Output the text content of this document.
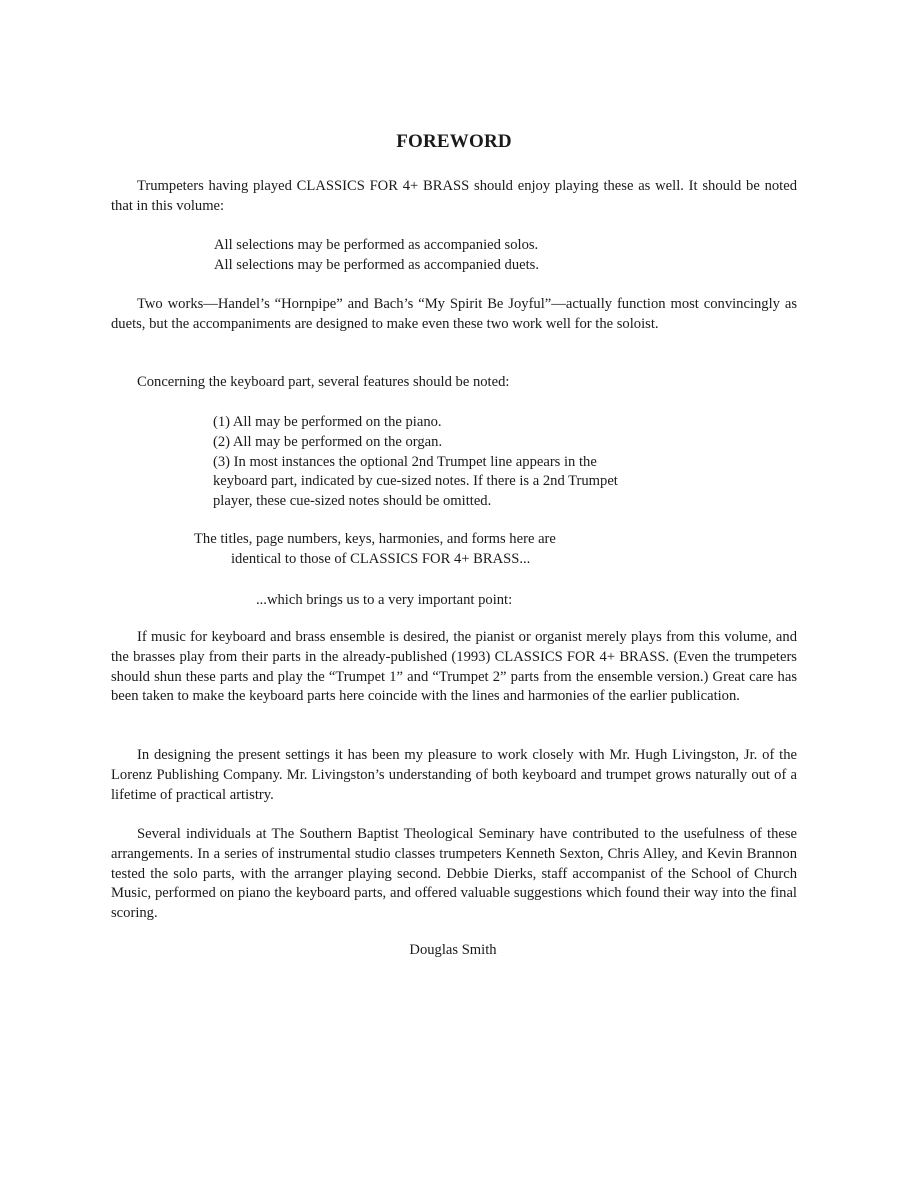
FOREWORD

Trumpeters having played CLASSICS FOR 4+ BRASS should enjoy playing these as well. It should be noted that in this volume:

All selections may be performed as accompanied solos.
All selections may be performed as accompanied duets.

Two works—Handel’s “Hornpipe” and Bach’s “My Spirit Be Joyful”—actually function most convincingly as duets, but the accompaniments are designed to make even these two work well for the soloist.

Concerning the keyboard part, several features should be noted:

(1) All may be performed on the piano.
(2) All may be performed on the organ.
(3) In most instances the optional 2nd Trumpet line appears in the
keyboard part, indicated by cue-sized notes. If there is a 2nd Trumpet
player, these cue-sized notes should be omitted.
The titles, page numbers, keys, harmonies, and forms here are
identical to those of CLASSICS FOR 4+ BRASS...
...which brings us to a very important point:

If music for keyboard and brass ensemble is desired, the pianist or organist merely plays from this volume, and the brasses play from their parts in the already-published (1993) CLASSICS FOR 4+ BRASS. (Even the trumpeters should shun these parts and play the “Trumpet 1” and “Trumpet 2” parts from the ensemble version.) Great care has been taken to make the keyboard parts here coincide with the lines and harmonies of the earlier publication.

In designing the present settings it has been my pleasure to work closely with Mr. Hugh Livingston, Jr. of the Lorenz Publishing Company. Mr. Livingston’s understanding of both keyboard and trumpet grows naturally out of a lifetime of practical artistry.

Several individuals at The Southern Baptist Theological Seminary have contributed to the usefulness of these arrangements. In a series of instrumental studio classes trumpeters Kenneth Sexton, Chris Alley, and Kevin Brannon tested the solo parts, with the arranger playing second. Debbie Dierks, staff accompanist of the School of Church Music, performed on piano the keyboard parts, and offered valuable suggestions which found their way into the final scoring.

Douglas Smith
